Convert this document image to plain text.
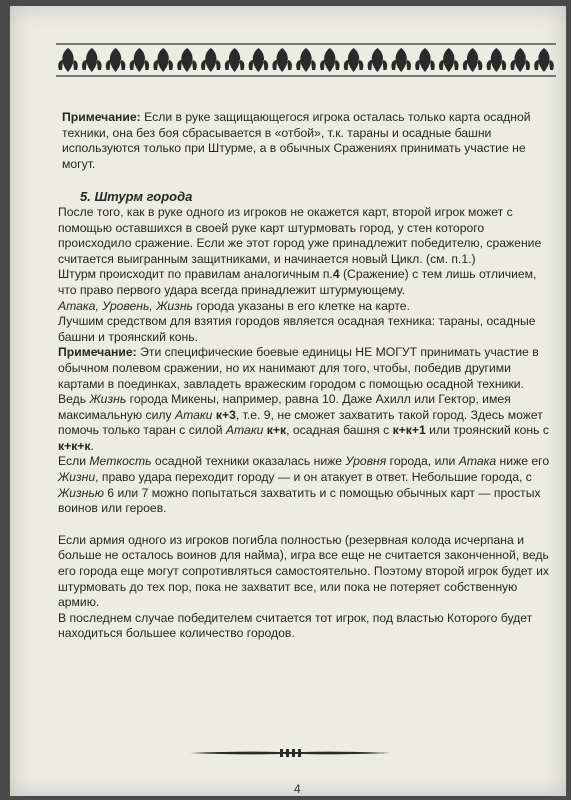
Примечание: Если в руке защищающегося игрока осталась только карта осадной техники, она без боя сбрасывается в «отбой», т.к. тараны и осадные башни используются только при Штурме, а в обычных Сражениях принимать участие не могут.

5. Штурм города

После того, как в руке одного из игроков не окажется карт, второй игрок может с помощью оставшихся в своей руке карт штурмовать город, у стен которого происходило сражение. Если же этот город уже принадлежит победителю, сражение считается выигранным защитниками, и начинается новый Цикл. (см. п.1.)

Штурм происходит по правилам аналогичным п.4 (Сражение) с тем лишь отличием, что право первого удара всегда принадлежит штурмующему.

Атака, Уровень, Жизнь города указаны в его клетке на карте.

Лучшим средством для взятия городов является осадная техника: тараны, осадные башни и троянский конь.

Примечание: Эти специфические боевые единицы НЕ МОГУТ принимать участие в обычном полевом сражении, но их нанимают для того, чтобы, победив другими картами в поединках, завладеть вражеским городом с помощью осадной техники.

Ведь Жизнь города Микены, например, равна 10. Даже Ахилл или Гектор, имея максимальную силу Атаки к+3, т.е. 9, не сможет захватить такой город. Здесь может помочь только таран с силой Атаки к+к, осадная башня с к+к+1 или троянский конь с к+к+к.

Если Меткость осадной техники оказалась ниже Уровня города, или Атака ниже его Жизни, право удара переходит городу — и он атакует в ответ. Небольшие города, с Жизнью 6 или 7 можно попытаться захватить и с помощью обычных карт — простых воинов или героев.

Если армия одного из игроков погибла полностью (резервная колода исчерпана и больше не осталось воинов для найма), игра все еще не считается законченной, ведь его города еще могут сопротивляться самостоятельно. Поэтому второй игрок будет их штурмовать до тех пор, пока не захватит все, или пока не потеряет собственную армию.

В последнем случае победителем считается тот игрок, под властью Которого будет находиться большее количество городов.

4
